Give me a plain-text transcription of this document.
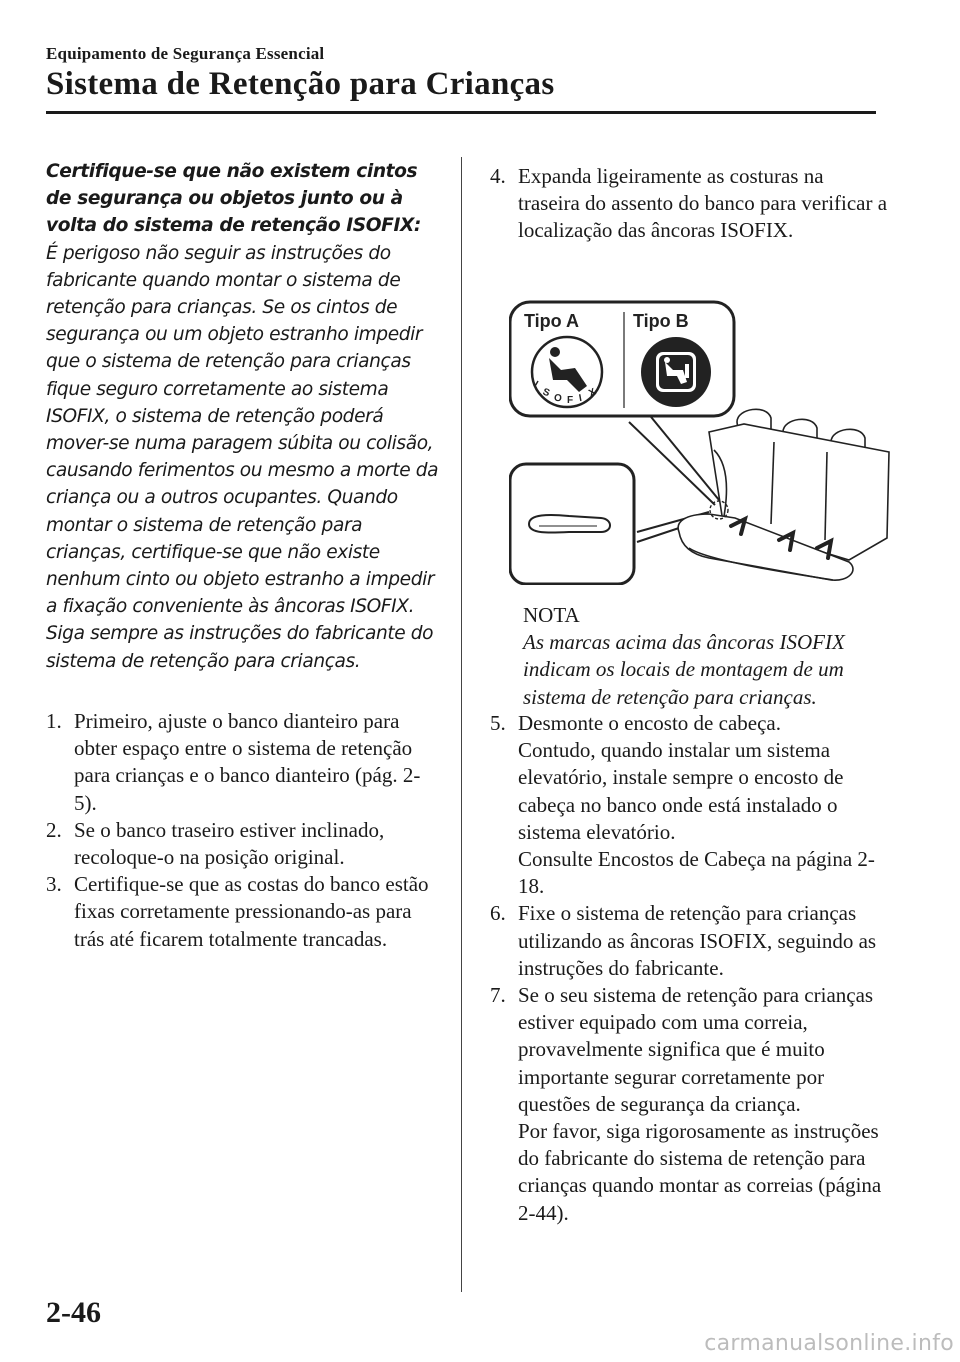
Equipamento de Segurança Essencial
Sistema de Retenção para Crianças
Certifique-se que não existem cintos de segurança ou objetos junto ou à volta do sistema de retenção ISOFIX:
É perigoso não seguir as instruções do fabricante quando montar o sistema de retenção para crianças. Se os cintos de segurança ou um objeto estranho impedir que o sistema de retenção para crianças fique seguro corretamente ao sistema ISOFIX, o sistema de retenção poderá mover-se numa paragem súbita ou colisão, causando ferimentos ou mesmo a morte da criança ou a outros ocupantes. Quando montar o sistema de retenção para crianças, certifique-se que não existe nenhum cinto ou objeto estranho a impedir a fixação conveniente às âncoras ISOFIX. Siga sempre as instruções do fabricante do sistema de retenção para crianças.
1. Primeiro, ajuste o banco dianteiro para obter espaço entre o sistema de retenção para crianças e o banco dianteiro (pág. 2-5).
2. Se o banco traseiro estiver inclinado, recoloque-o na posição original.
3. Certifique-se que as costas do banco estão fixas corretamente pressionando-as para trás até ficarem totalmente trancadas.
4. Expanda ligeiramente as costuras na traseira do assento do banco para verificar a localização das âncoras ISOFIX.
Tipo A	Tipo B
I
S O F I X
NOTA
As marcas acima das âncoras ISOFIX indicam os locais de montagem de um sistema de retenção para crianças.
5. Desmonte o encosto de cabeça.
Contudo, quando instalar um sistema elevatório, instale sempre o encosto de cabeça no banco onde está instalado o sistema elevatório.
Consulte Encostos de Cabeça na página 2-18.
6. Fixe o sistema de retenção para crianças utilizando as âncoras ISOFIX, seguindo as instruções do fabricante.
7. Se o seu sistema de retenção para crianças estiver equipado com uma correia, provavelmente significa que é muito importante segurar corretamente por questões de segurança da criança.
Por favor, siga rigorosamente as instruções do fabricante do sistema de retenção para crianças quando montar as correias (página 2-44).
2-46
carmanualsonline.info
